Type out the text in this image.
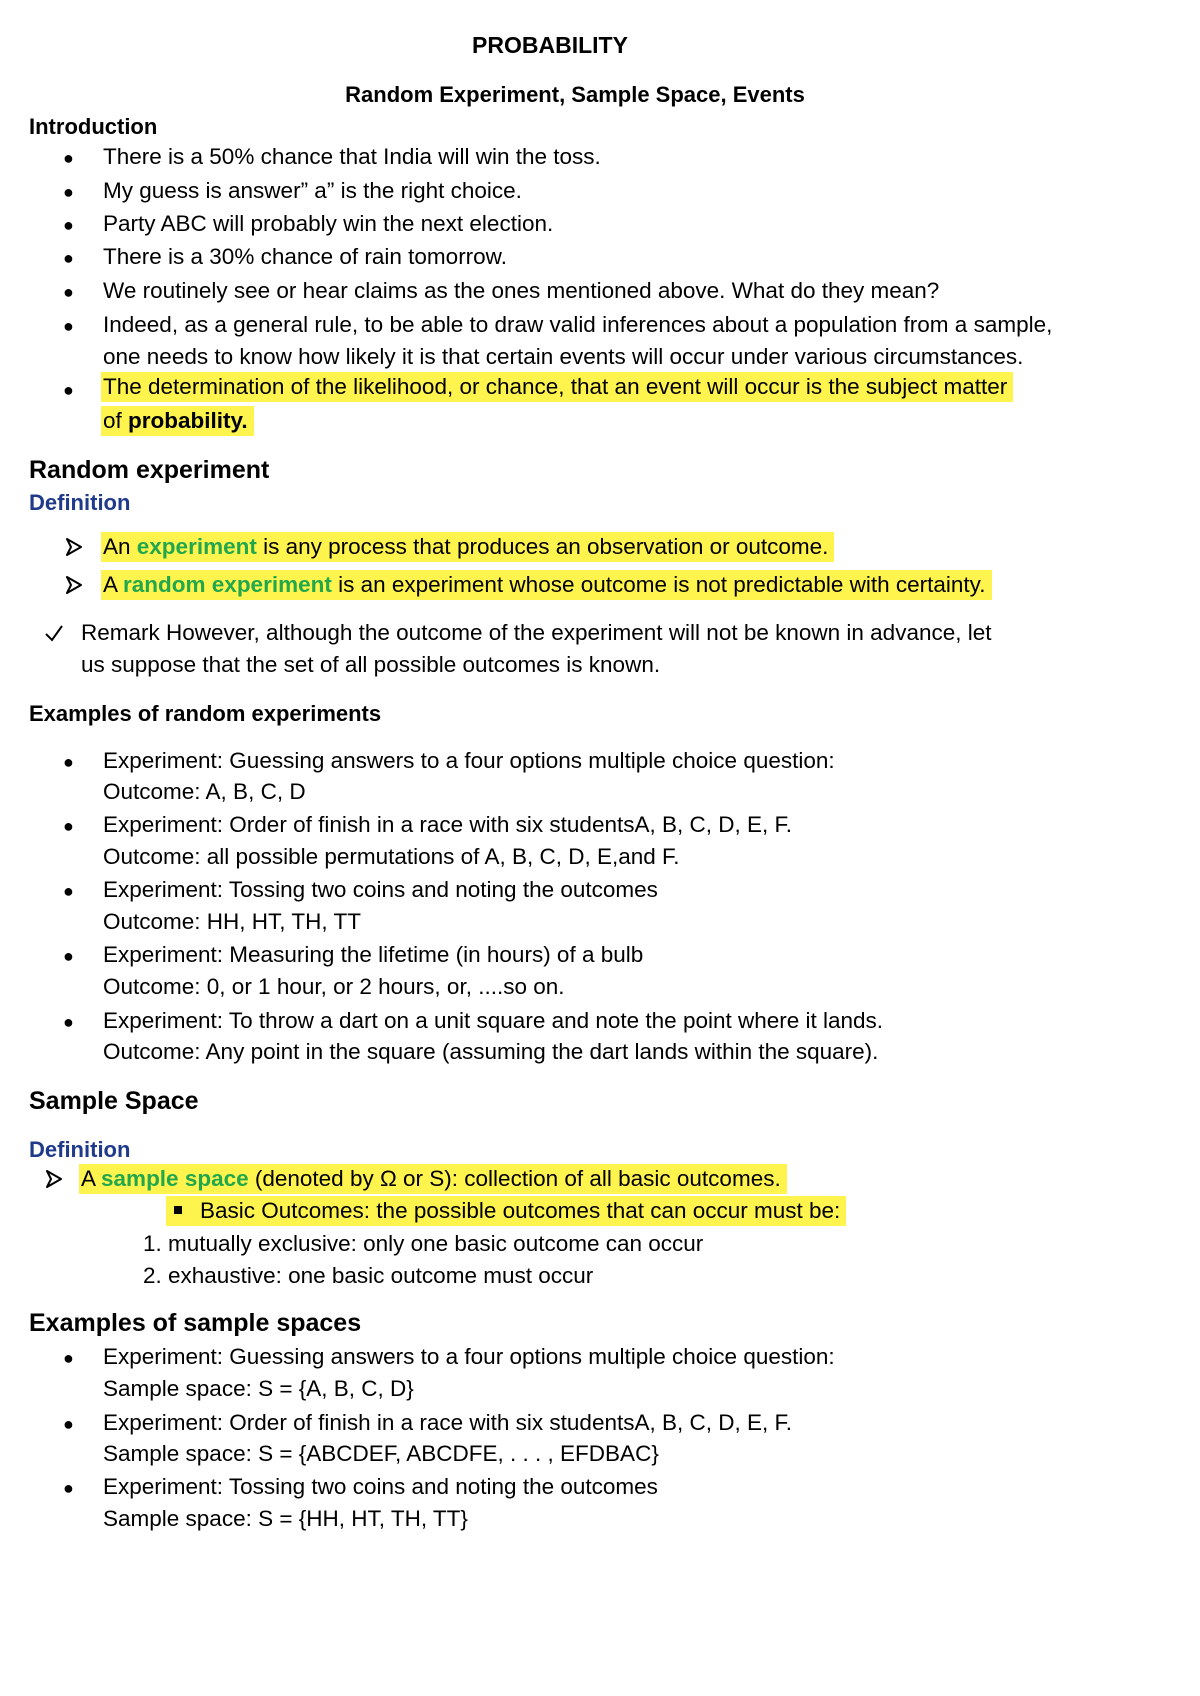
PROBABILITY
Random Experiment, Sample Space, Events
Introduction
● There is a 50% chance that India will win the toss.
● My guess is answer” a” is the right choice.
● Party ABC will probably win the next election.
● There is a 30% chance of rain tomorrow.
● We routinely see or hear claims as the ones mentioned above. What do they mean?
● Indeed, as a general rule, to be able to draw valid inferences about a population from a sample,
one needs to know how likely it is that certain events will occur under various circumstances.
● The determination of the likelihood, or chance, that an event will occur is the subject matter
of probability.
Random experiment
Definition
An experiment is any process that produces an observation or outcome.
A random experiment is an experiment whose outcome is not predictable with certainty.
Remark However, although the outcome of the experiment will not be known in advance, let
us suppose that the set of all possible outcomes is known.
Examples of random experiments
● Experiment: Guessing answers to a four options multiple choice question:
Outcome: A, B, C, D
● Experiment: Order of finish in a race with six studentsA, B, C, D, E, F.
Outcome: all possible permutations of A, B, C, D, E,and F.
● Experiment: Tossing two coins and noting the outcomes
Outcome: HH, HT, TH, TT
● Experiment: Measuring the lifetime (in hours) of a bulb
Outcome: 0, or 1 hour, or 2 hours, or, ....so on.
● Experiment: To throw a dart on a unit square and note the point where it lands.
Outcome: Any point in the square (assuming the dart lands within the square).
Sample Space
Definition
A sample space (denoted by Ω or S): collection of all basic outcomes.
Basic Outcomes: the possible outcomes that can occur must be:
1. mutually exclusive: only one basic outcome can occur
2. exhaustive: one basic outcome must occur
Examples of sample spaces
● Experiment: Guessing answers to a four options multiple choice question:
Sample space: S = {A, B, C, D}
● Experiment: Order of finish in a race with six studentsA, B, C, D, E, F.
Sample space: S = {ABCDEF, ABCDFE, . . . , EFDBAC}
● Experiment: Tossing two coins and noting the outcomes
Sample space: S = {HH, HT, TH, TT}
